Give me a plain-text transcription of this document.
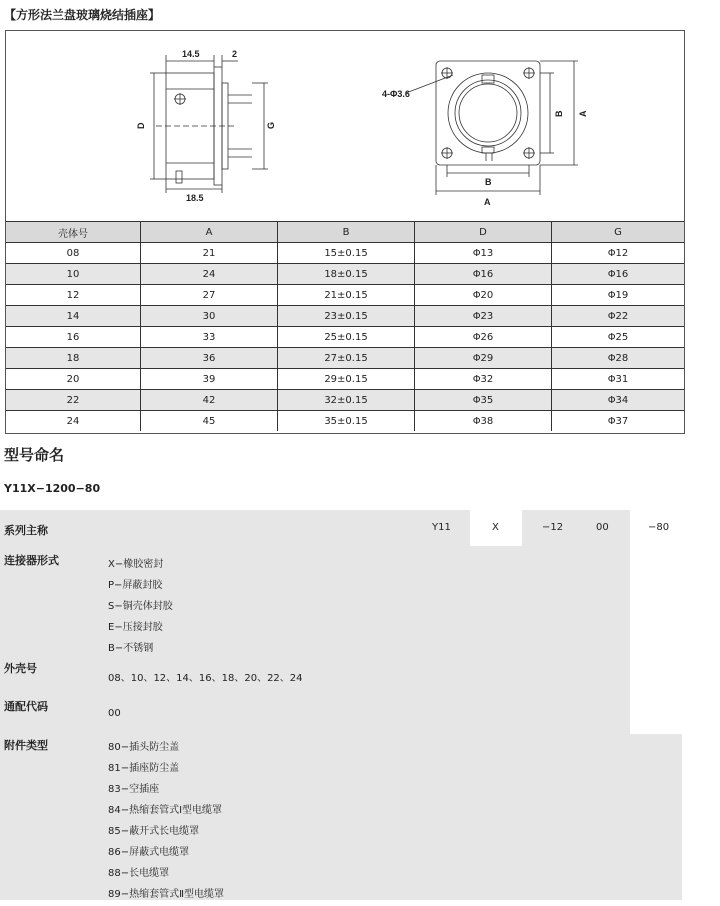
【方形法兰盘玻璃烧结插座】
14.5	2
D	G
18.5
4-Φ3.6
B
A
B A
壳体号	A	B	D	G
08	21	15±0.15	Φ13	Φ12
10	24	18±0.15	Φ16	Φ16
12	27	21±0.15	Φ20	Φ19
14	30	23±0.15	Φ23	Φ22
16	33	25±0.15	Φ26	Φ25
18	36	27±0.15	Φ29	Φ28
20	39	29±0.15	Φ32	Φ31
22	42	32±0.15	Φ35	Φ34
24	45	35±0.15	Φ38	Φ37
型号命名
Y11X−1200−80
Y11	X	−12	00	−80
系列主称
连接器形式	X−橡胶密封
P−屏蔽封胶
S−铜壳体封胶
E−压接封胶
B−不锈钢
外壳号
08、10、12、14、16、18、20、22、24
通配代码
00
附件类型	80−插头防尘盖
81−插座防尘盖
83−空插座
84−热缩套管式Ⅰ型电缆罩
85−蔽开式长电缆罩
86−屏蔽式电缆罩
88−长电缆罩
89−热缩套管式Ⅱ型电缆罩
